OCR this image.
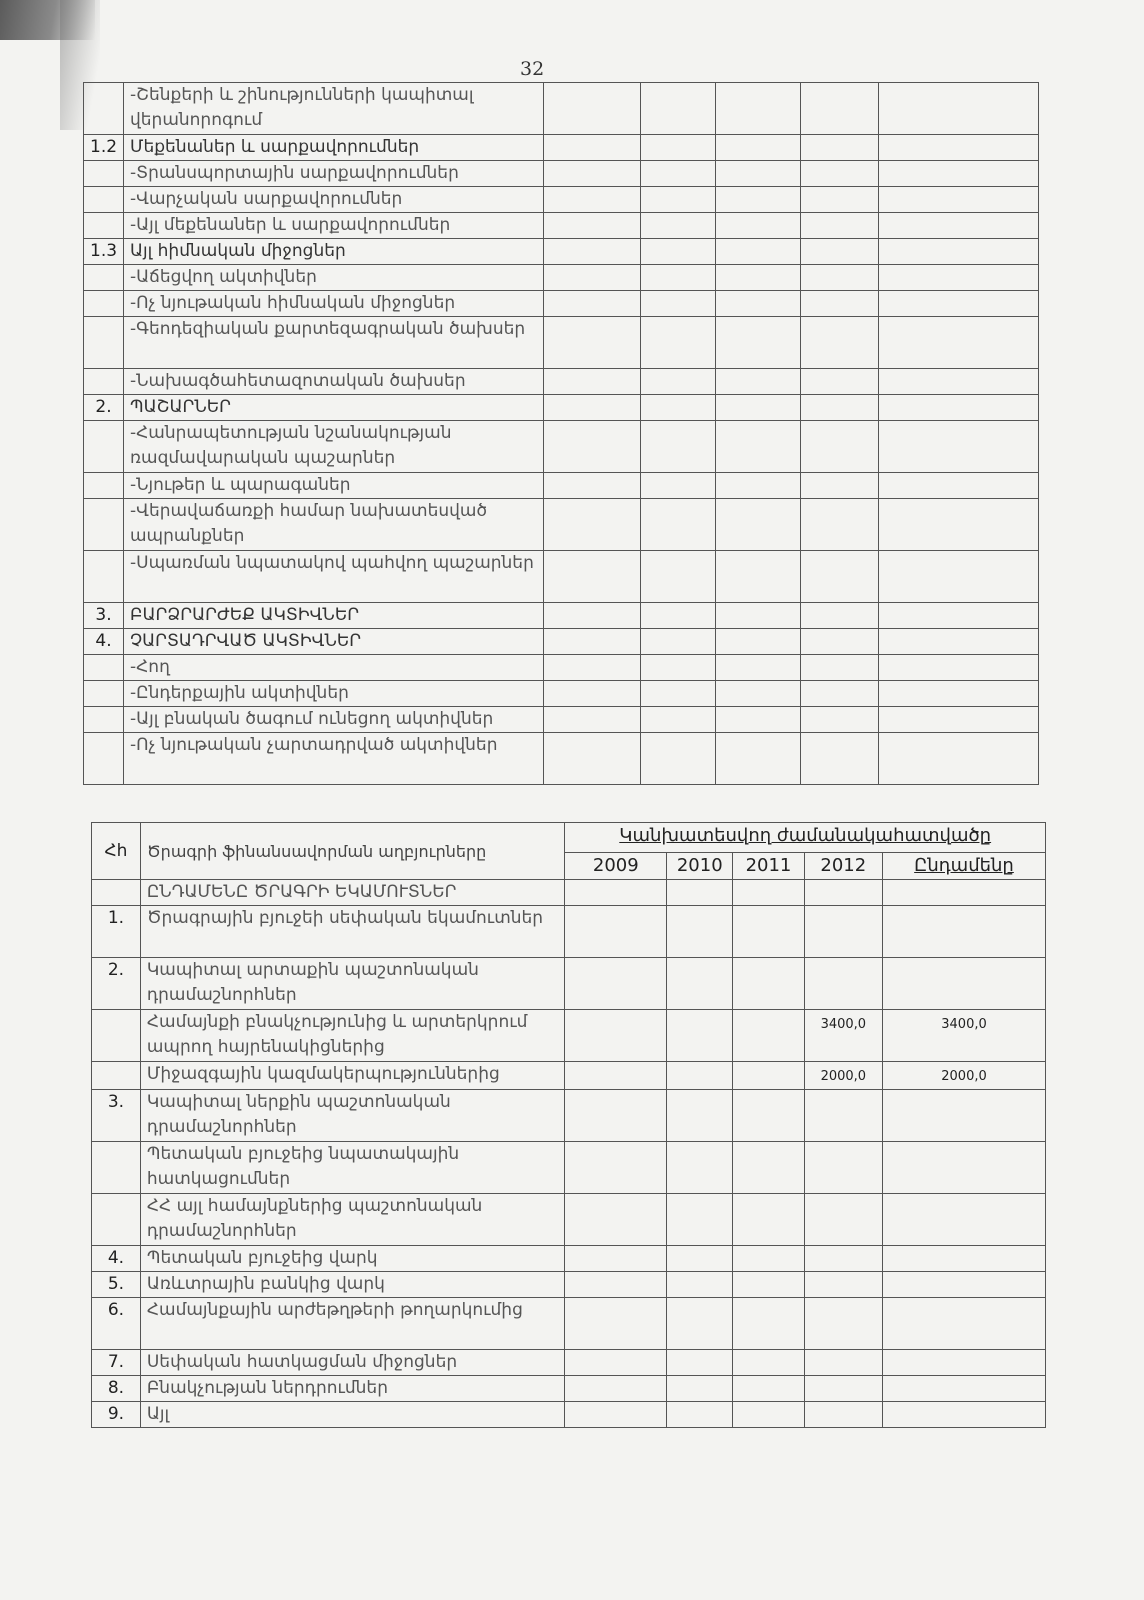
32
	-Շենքերի և շինությունների կապիտալ վերանորոգում					
1.2	Մեքենաներ և սարքավորումներ					
	-Տրանսպորտային սարքավորումներ					
	-Վարչական սարքավորումներ					
	-Այլ մեքենաներ և սարքավորումներ					
1.3	Այլ հիմնական միջոցներ					
	-Աճեցվող ակտիվներ					
	-Ոչ նյութական հիմնական միջոցներ					
	-Գեոդեզիական քարտեզագրական ծախսեր					
	-Նախագծահետազոտական ծախսեր					
2.	ՊԱՇԱՐՆԵՐ					
	-Հանրապետության նշանակության ռազմավարական պաշարներ					
	-Նյութեր և պարագաներ					
	-Վերավաճառքի համար նախատեսված ապրանքներ					
	-Սպառման նպատակով պահվող պաշարներ					
3.	ԲԱՐՁՐԱՐԺԵՔ ԱԿՏԻՎՆԵՐ					
4.	ՉԱՐՏԱԴՐՎԱԾ ԱԿՏԻՎՆԵՐ					
	-Հող					
	-Ընդերքային ակտիվներ					
	-Այլ բնական ծագում ունեցող ակտիվներ					
	-Ոչ նյութական չարտադրված ակտիվներ					
Հհ	Ծրագրի ֆինանսավորման աղբյուրները	Կանխատեսվող ժամանակահատվածը				
		2009	2010	2011	2012	Ընդամենը
	ԸՆԴԱՄԵՆԸ ԾՐԱԳՐԻ ԵԿԱՄՈՒՏՆԵՐ					
1.	Ծրագրային բյուջեի սեփական եկամուտներ					
2.	Կապիտալ արտաքին պաշտոնական դրամաշնորհներ					
	Համայնքի բնակչությունից և արտերկրում ապրող հայրենակիցներից				3400,0	3400,0
	Միջազգային կազմակերպություններից				2000,0	2000,0
3.	Կապիտալ ներքին պաշտոնական դրամաշնորհներ					
	Պետական բյուջեից նպատակային հատկացումներ					
	ՀՀ այլ համայնքներից պաշտոնական դրամաշնորհներ					
4.	Պետական բյուջեից վարկ					
5.	Առևտրային բանկից վարկ					
6.	Համայնքային արժեթղթերի թողարկումից					
7.	Սեփական հատկացման միջոցներ					
8.	Բնակչության ներդրումներ					
9.	Այլ					
